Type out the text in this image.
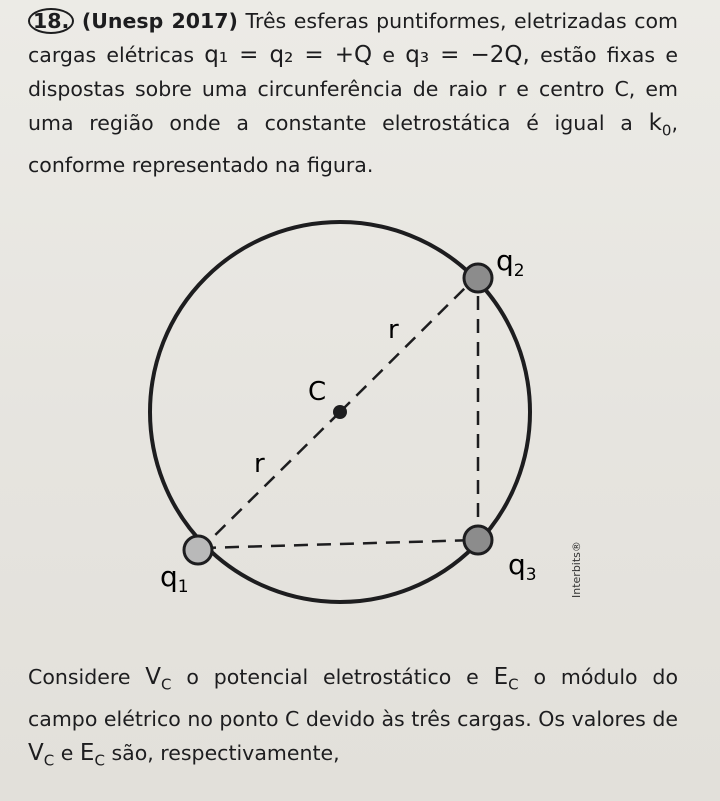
18. (Unesp 2017) Três esferas puntiformes, eletrizadas com cargas elétricas q₁ = q₂ = +Q e q₃ = −2Q, estão fixas e dispostas sobre uma circunferência de raio r e centro C, em uma região onde a constante eletrostática é igual a $k_0$, conforme representado na figura.
C
r
r
$q_1$
$q_2$
$q_3$	Interbits®
Considere $V_C$ o potencial eletrostático e $E_C$ o módulo do campo elétrico no ponto C devido às três cargas. Os valores de $V_C$ e $E_C$ são, respectivamente,
